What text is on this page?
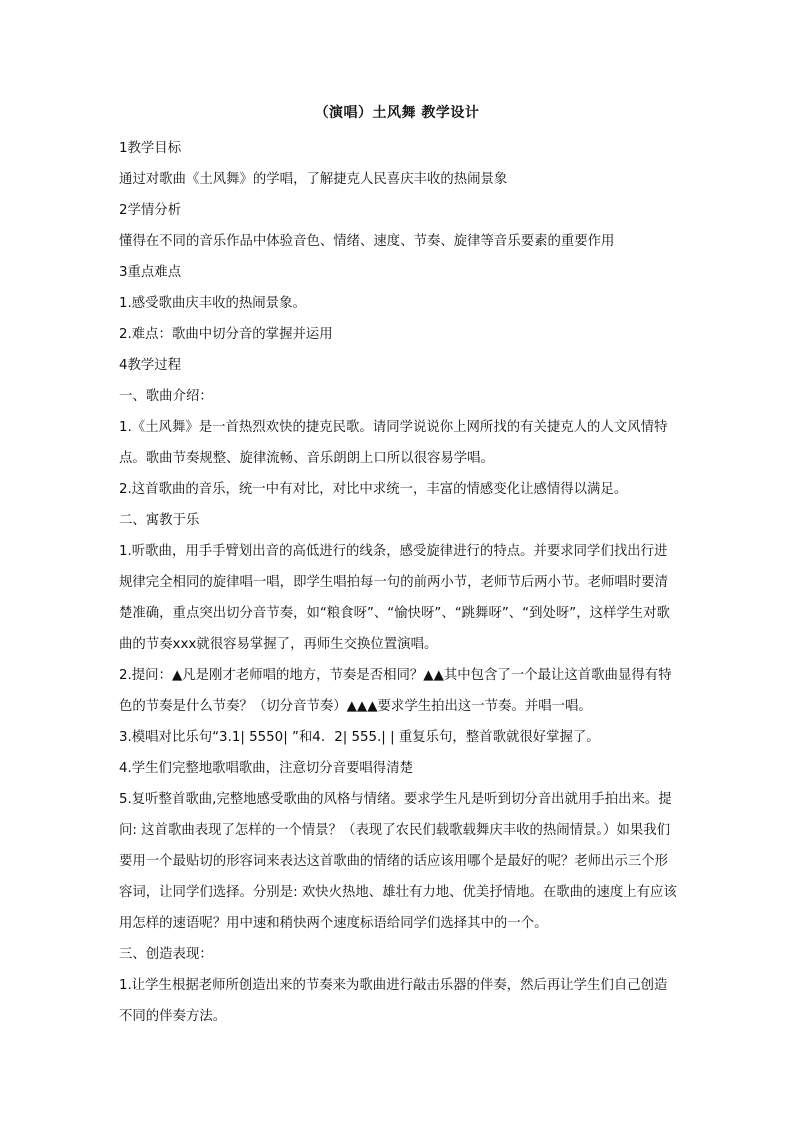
（演唱）土风舞 教学设计

1教学目标

通过对歌曲《土风舞》的学唱，了解捷克人民喜庆丰收的热闹景象

2学情分析

懂得在不同的音乐作品中体验音色、情绪、速度、节奏、旋律等音乐要素的重要作用

3重点难点

1.感受歌曲庆丰收的热闹景象。

2.难点：歌曲中切分音的掌握并运用

4教学过程

一、歌曲介绍：

1.《土风舞》是一首热烈欢快的捷克民歌。请同学说说你上网所找的有关捷克人的人文风情特点。歌曲节奏规整、旋律流畅、音乐朗朗上口所以很容易学唱。

2.这首歌曲的音乐，统一中有对比，对比中求统一，丰富的情感变化让感情得以满足。

二、寓教于乐

1.听歌曲，用手手臂划出音的高低进行的线条，感受旋律进行的特点。并要求同学们找出行进规律完全相同的旋律唱一唱，即学生唱拍每一句的前两小节，老师节后两小节。老师唱时要清楚准确，重点突出切分音节奏，如“粮食呀”、“愉快呀”、“跳舞呀”、“到处呀”，这样学生对歌曲的节奏xxx就很容易掌握了，再师生交换位置演唱。

2.提问：▲凡是刚才老师唱的地方，节奏是否相同？▲▲其中包含了一个最让这首歌曲显得有特色的节奏是什么节奏？（切分音节奏）▲▲▲要求学生拍出这一节奏。并唱一唱。

3.模唱对比乐句“3.1| 5550| ”和4．2| 555.| | 重复乐句，整首歌就很好掌握了。

4.学生们完整地歌唱歌曲，注意切分音要唱得清楚

5.复听整首歌曲,完整地感受歌曲的风格与情绪。要求学生凡是听到切分音出就用手拍出来。提问: 这首歌曲表现了怎样的一个情景？（表现了农民们载歌载舞庆丰收的热闹情景。）如果我们要用一个最贴切的形容词来表达这首歌曲的情绪的话应该用哪个是最好的呢？老师出示三个形容词，让同学们选择。分别是: 欢快火热地、雄壮有力地、优美抒情地。在歌曲的速度上有应该用怎样的速语呢？用中速和稍快两个速度标语给同学们选择其中的一个。

三、创造表现：

1.让学生根据老师所创造出来的节奏来为歌曲进行敲击乐器的伴奏，然后再让学生们自己创造不同的伴奏方法。
